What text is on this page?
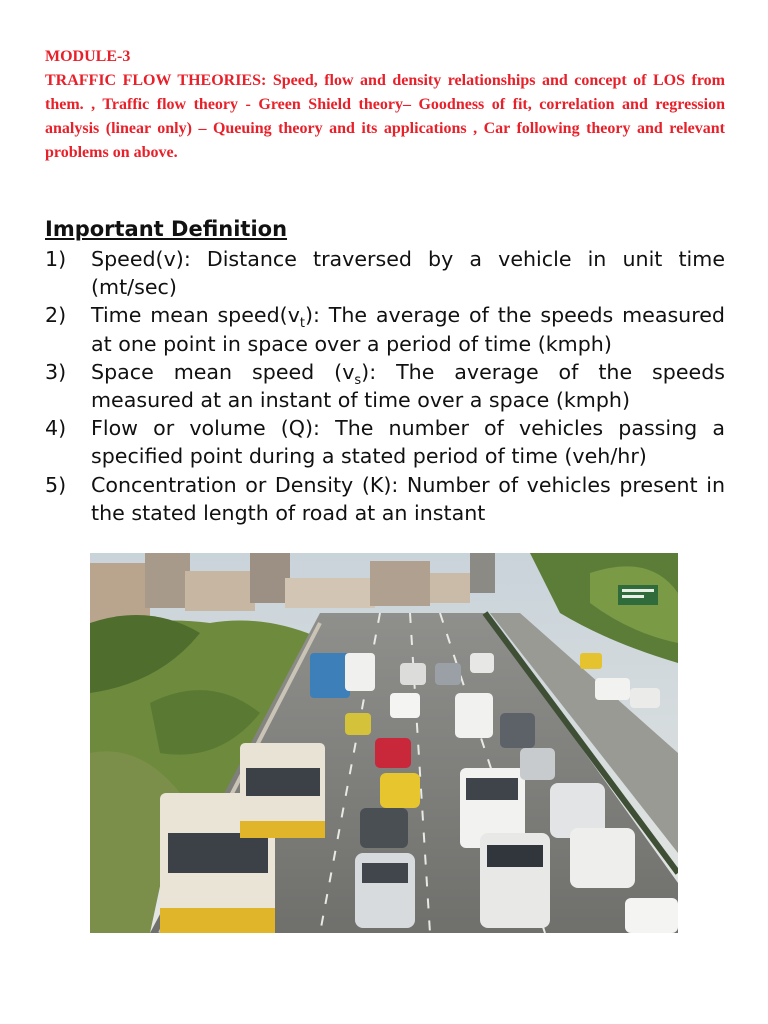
MODULE-3
TRAFFIC FLOW THEORIES: Speed, flow and density relationships and concept of LOS from them. , Traffic flow theory - Green Shield theory– Goodness of fit, correlation and regression analysis (linear only) – Queuing theory and its applications , Car following theory and relevant problems on above.
Important Definition
1) Speed(v): Distance traversed by a vehicle in unit time (mt/sec)
2) Time mean $speed(v_t)$: The average of the speeds measured at one point in space over a period of time (kmph)
3) Space mean speed $(v_s)$: The average of the speeds measured at an instant of time over a space (kmph)
4) Flow or volume (Q): The number of vehicles passing a specified point during a stated period of time (veh/hr)
5) Concentration or Density (K): Number of vehicles present in the stated length of road at an instant
